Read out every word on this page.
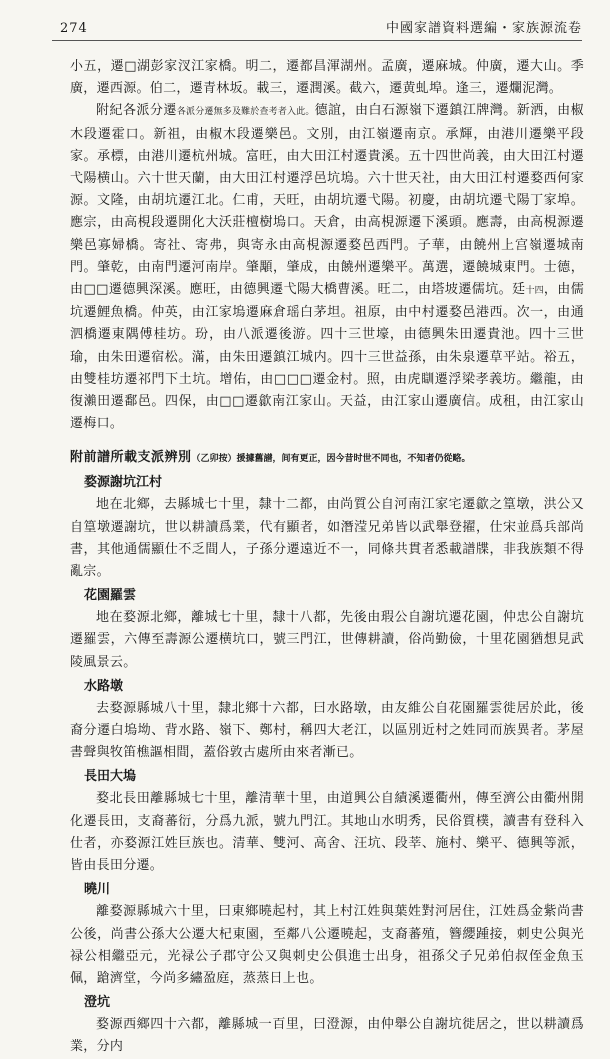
274	中國家譜資料選編・家族源流卷

小五，遷□湖彭家汊江家橋。明二，遷都昌渾湖州。孟廣，遷麻城。仲廣，遷大山。季廣，遷西源。伯二，遷青林坂。載三，遷潤溪。截六，遷黄虬埠。逢三，遷爛泥灣。

附紀各派分遷各派分遷無多及難於查考者入此。德誼，由白石源嶺下遷鎮江牌灣。新洒，由椒木段遷霍口。新祖，由椒木段遷樂邑。文別，由江嶺遷南京。承輝，由港川遷樂平段家。承標，由港川遷杭州城。富旺，由大田江村遷貴溪。五十四世尚義，由大田江村遷弋陽横山。六十世天蘭，由大田江村遷浮邑坑塢。六十世天社，由大田江村遷婺西何家源。文隆，由胡坑遷江北。仁甫，天旺，由胡坑遷弋陽。初慶，由胡坑遷弋陽丁家埠。應宗，由高梘段遷開化大沃莊檀樹塢口。天倉，由高梘源遷下溪頭。應壽，由高梘源遷樂邑寡婦橋。寄社、寄弗，與寄永由高梘源遷婺邑西門。子華，由饒州上宫嶺遷城南門。肇乾，由南門遷河南岸。肇顒，肇成，由饒州遷樂平。萬選，遷饒城東門。士德，由□□遷德興深溪。應旺，由德興遷弋陽大橋曹溪。旺二，由塔坡遷儒坑。廷十四，由儒坑遷鯉魚橋。仲英，由江家塢遷麻倉瑶白茅坦。祖原，由中村遷婺邑港西。次一，由通泗橋遷東隅傅桂坊。玢，由八派遷後游。四十三世壕，由德興朱田遷貴池。四十三世瑜，由朱田遷宿松。滿，由朱田遷鎮江城内。四十三世益孫，由朱泉遷草平站。裕五，由雙桂坊遷祁門下土坑。增佑，由□□□遷金村。照，由虎瞓遷浮梁孝義坊。繼龍，由復瀨田遷鄱邑。四保，由□□遷歙南江家山。天益，由江家山遷廣信。成租，由江家山遷梅口。

附前譜所載支派辨別（乙卯按）援據舊譜，间有更正，因今昔时世不同也，不知者仍從略。

婺源謝坑江村

地在北鄉，去縣城七十里，隸十二都，由尚質公自河南江家宅遷歙之篁墩，洪公又自篁墩遷謝坑，世以耕讀爲業，代有顯者，如潛滢兄弟皆以武舉登擢，仕宋並爲兵部尚書，其他通儒顯仕不乏間人，子孫分遷遠近不一，同條共貫者悉載譜牒，非我族類不得亂宗。

花園羅雲

地在婺源北鄉，離城七十里，隸十八都，先後由瑕公自謝坑遷花園，仲忠公自謝坑遷羅雲，六傳至壽源公遷横坑口，號三門江，世傳耕讀，俗尚勤儉，十里花園猶想見武陵風景云。

水路墩

去婺源縣城八十里，隸北鄉十六都，曰水路墩，由友維公自花園羅雲徙居於此，後裔分遷白塢坳、背水路、嶺下、鄭村，稱四大老江，以區別近村之姓同而族異者。茅屋書聲與牧笛樵謳相間，蓋俗敦古處所由來者漸已。

長田大塢

婺北長田離縣城七十里，離清華十里，由道興公自績溪遷衢州，傳至濟公由衢州開化遷長田，支裔蕃衍，分爲九派，號九門江。其地山水明秀，民俗質樸，讀書有登科入仕者，亦婺源江姓巨族也。清華、雙河、高舍、汪坑、段莘、施村、樂平、德興等派，皆由長田分遷。

曉川

離婺源縣城六十里，曰東鄉曉起村，其上村江姓與葉姓對河居住，江姓爲金紫尚書公後，尚書公孫大公遷大杞東園，至鄰八公遷曉起，支裔蕃殖，簪纓踵接，刺史公與光禄公相繼亞元，光禄公子郡守公又與刺史公俱進士出身，祖孫父子兄弟伯叔侄金魚玉佩，蹌濟堂，今尚多繡盈庭，蒸蒸日上也。

澄坑

婺源西鄉四十六都，離縣城一百里，曰澄源，由仲舉公自謝坑徙居之，世以耕讀爲業，分内
